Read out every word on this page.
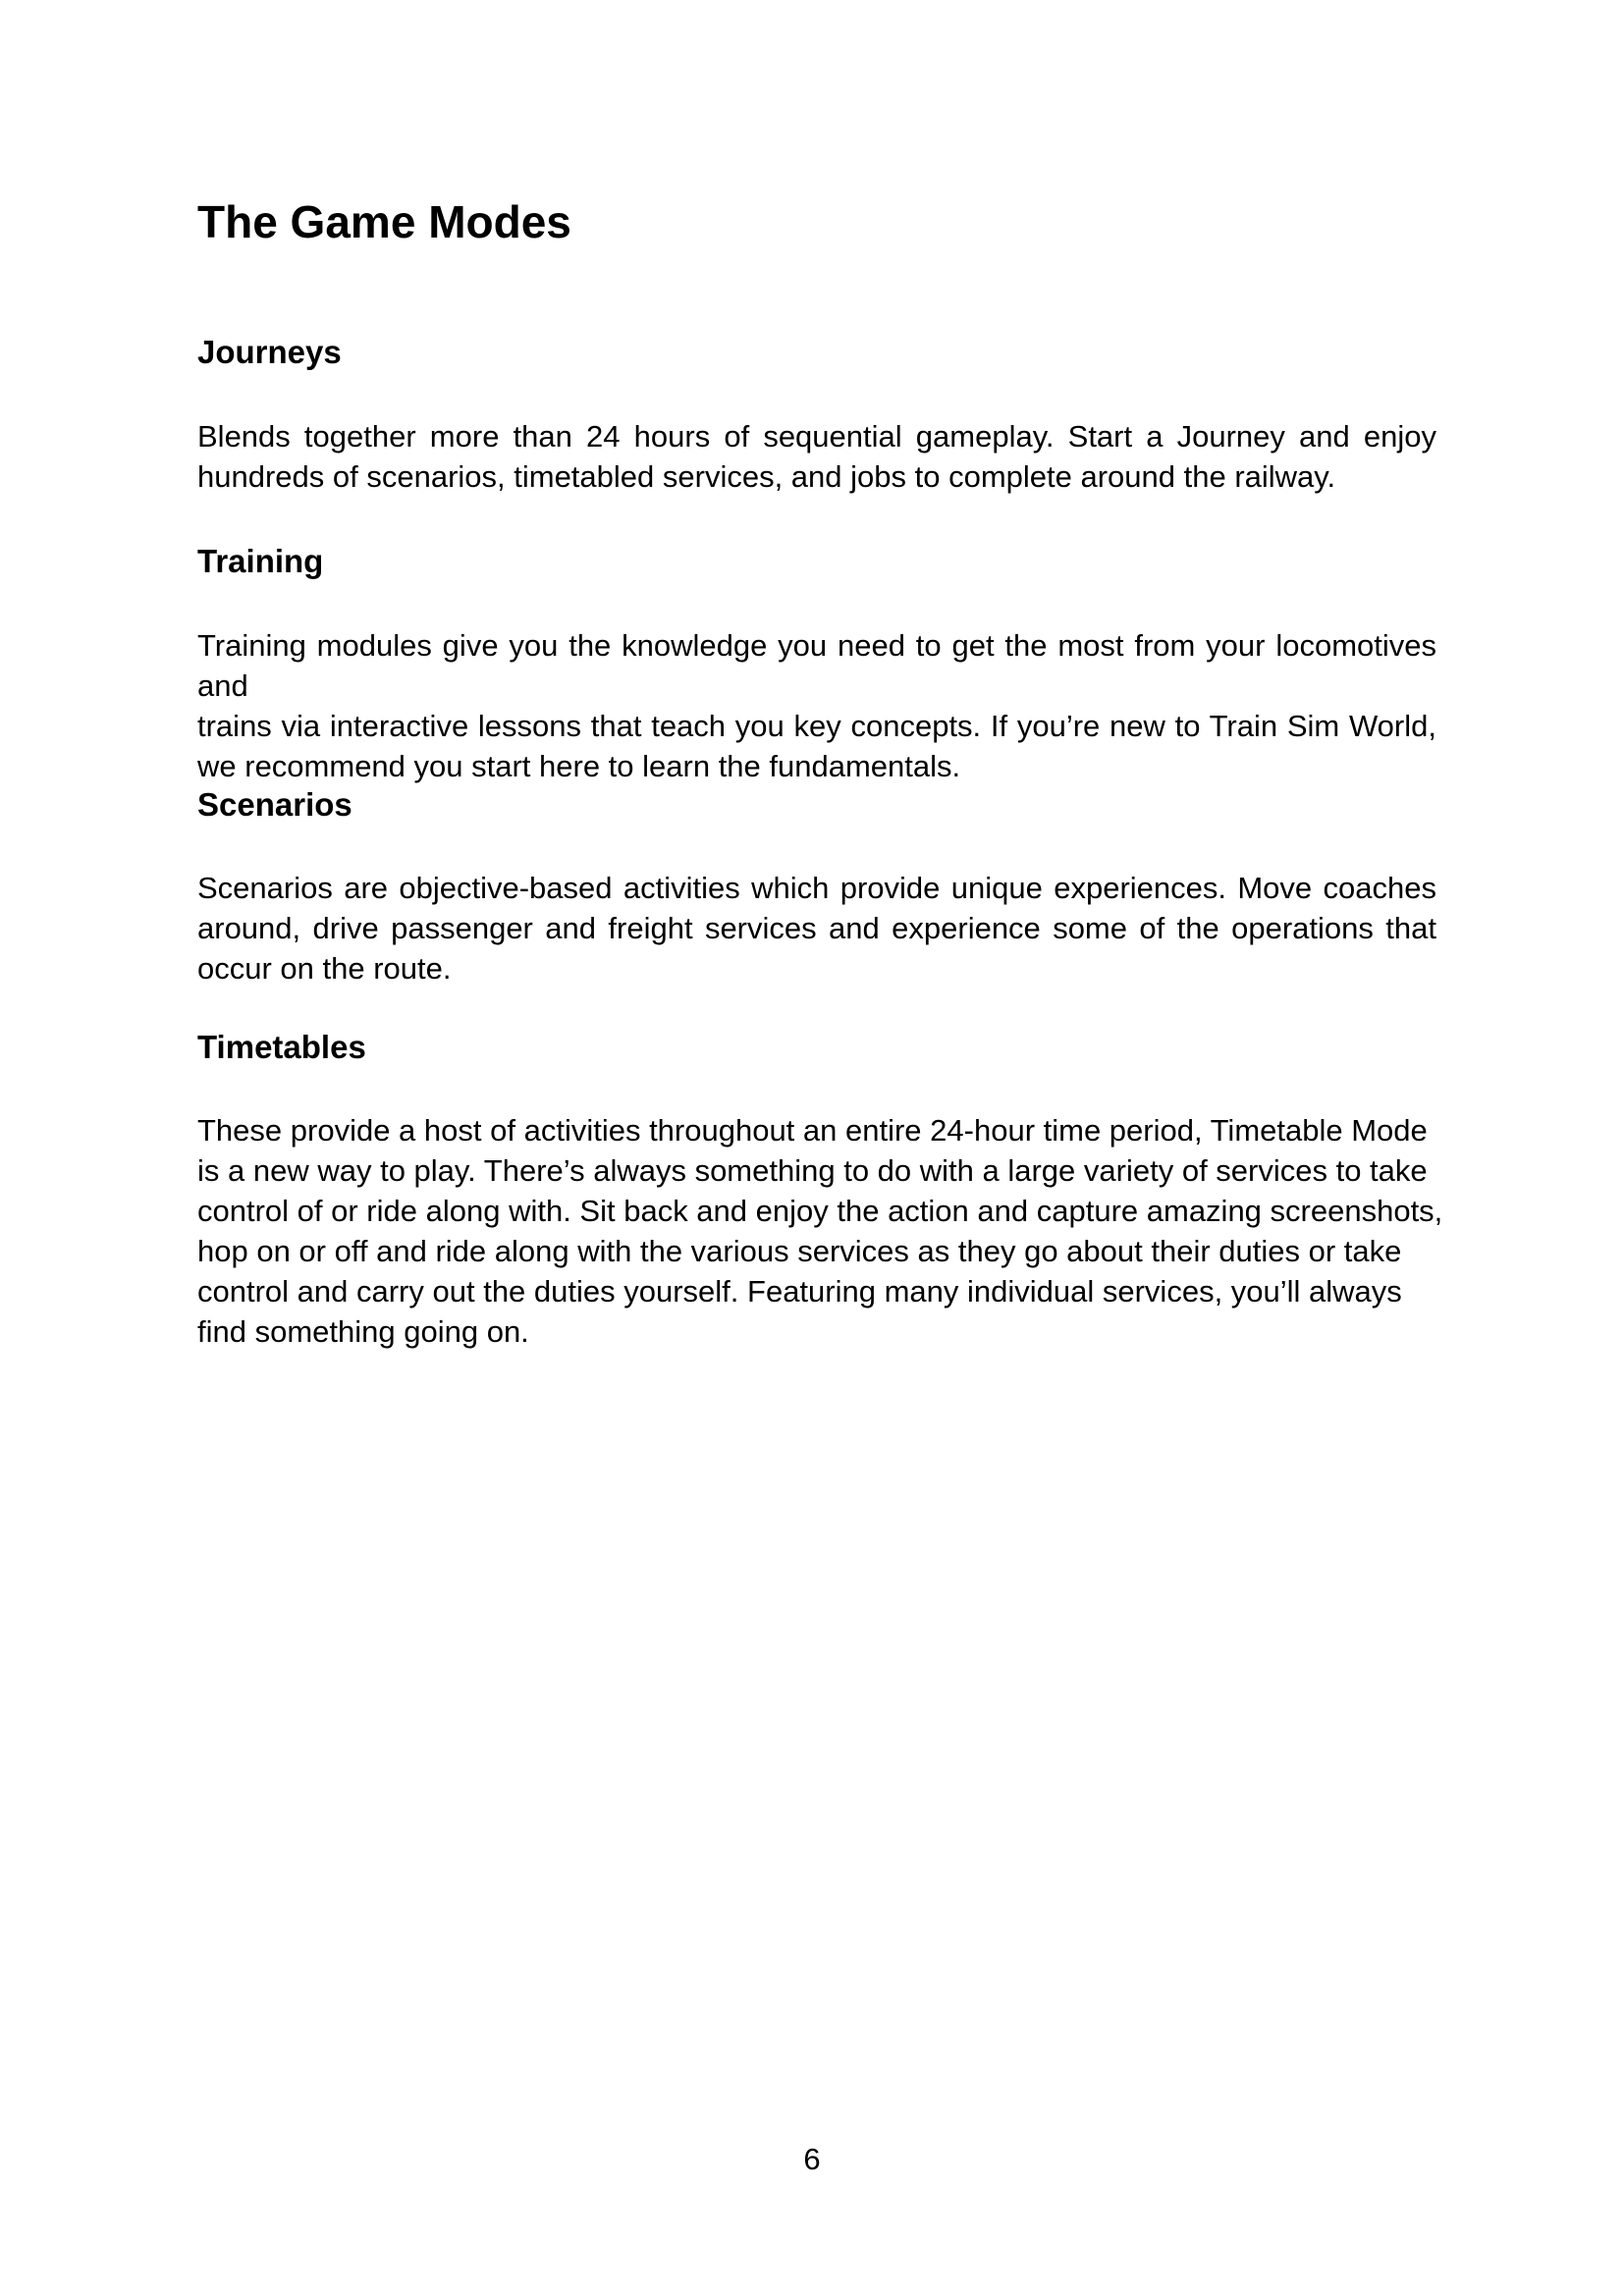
The Game Modes
Journeys
Blends together more than 24 hours of sequential gameplay. Start a Journey and enjoy
hundreds of scenarios, timetabled services, and jobs to complete around the railway.
Training
Training modules give you the knowledge you need to get the most from your locomotives and
trains via interactive lessons that teach you key concepts. If you’re new to Train Sim World,
we recommend you start here to learn the fundamentals.
Scenarios
Scenarios are objective-based activities which provide unique experiences. Move coaches
around, drive passenger and freight services and experience some of the operations that
occur on the route.
Timetables
These provide a host of activities throughout an entire 24-hour time period, Timetable Mode
is a new way to play. There’s always something to do with a large variety of services to take
control of or ride along with. Sit back and enjoy the action and capture amazing screenshots,
hop on or off and ride along with the various services as they go about their duties or take
control and carry out the duties yourself. Featuring many individual services, you’ll always
find something going on.

6
